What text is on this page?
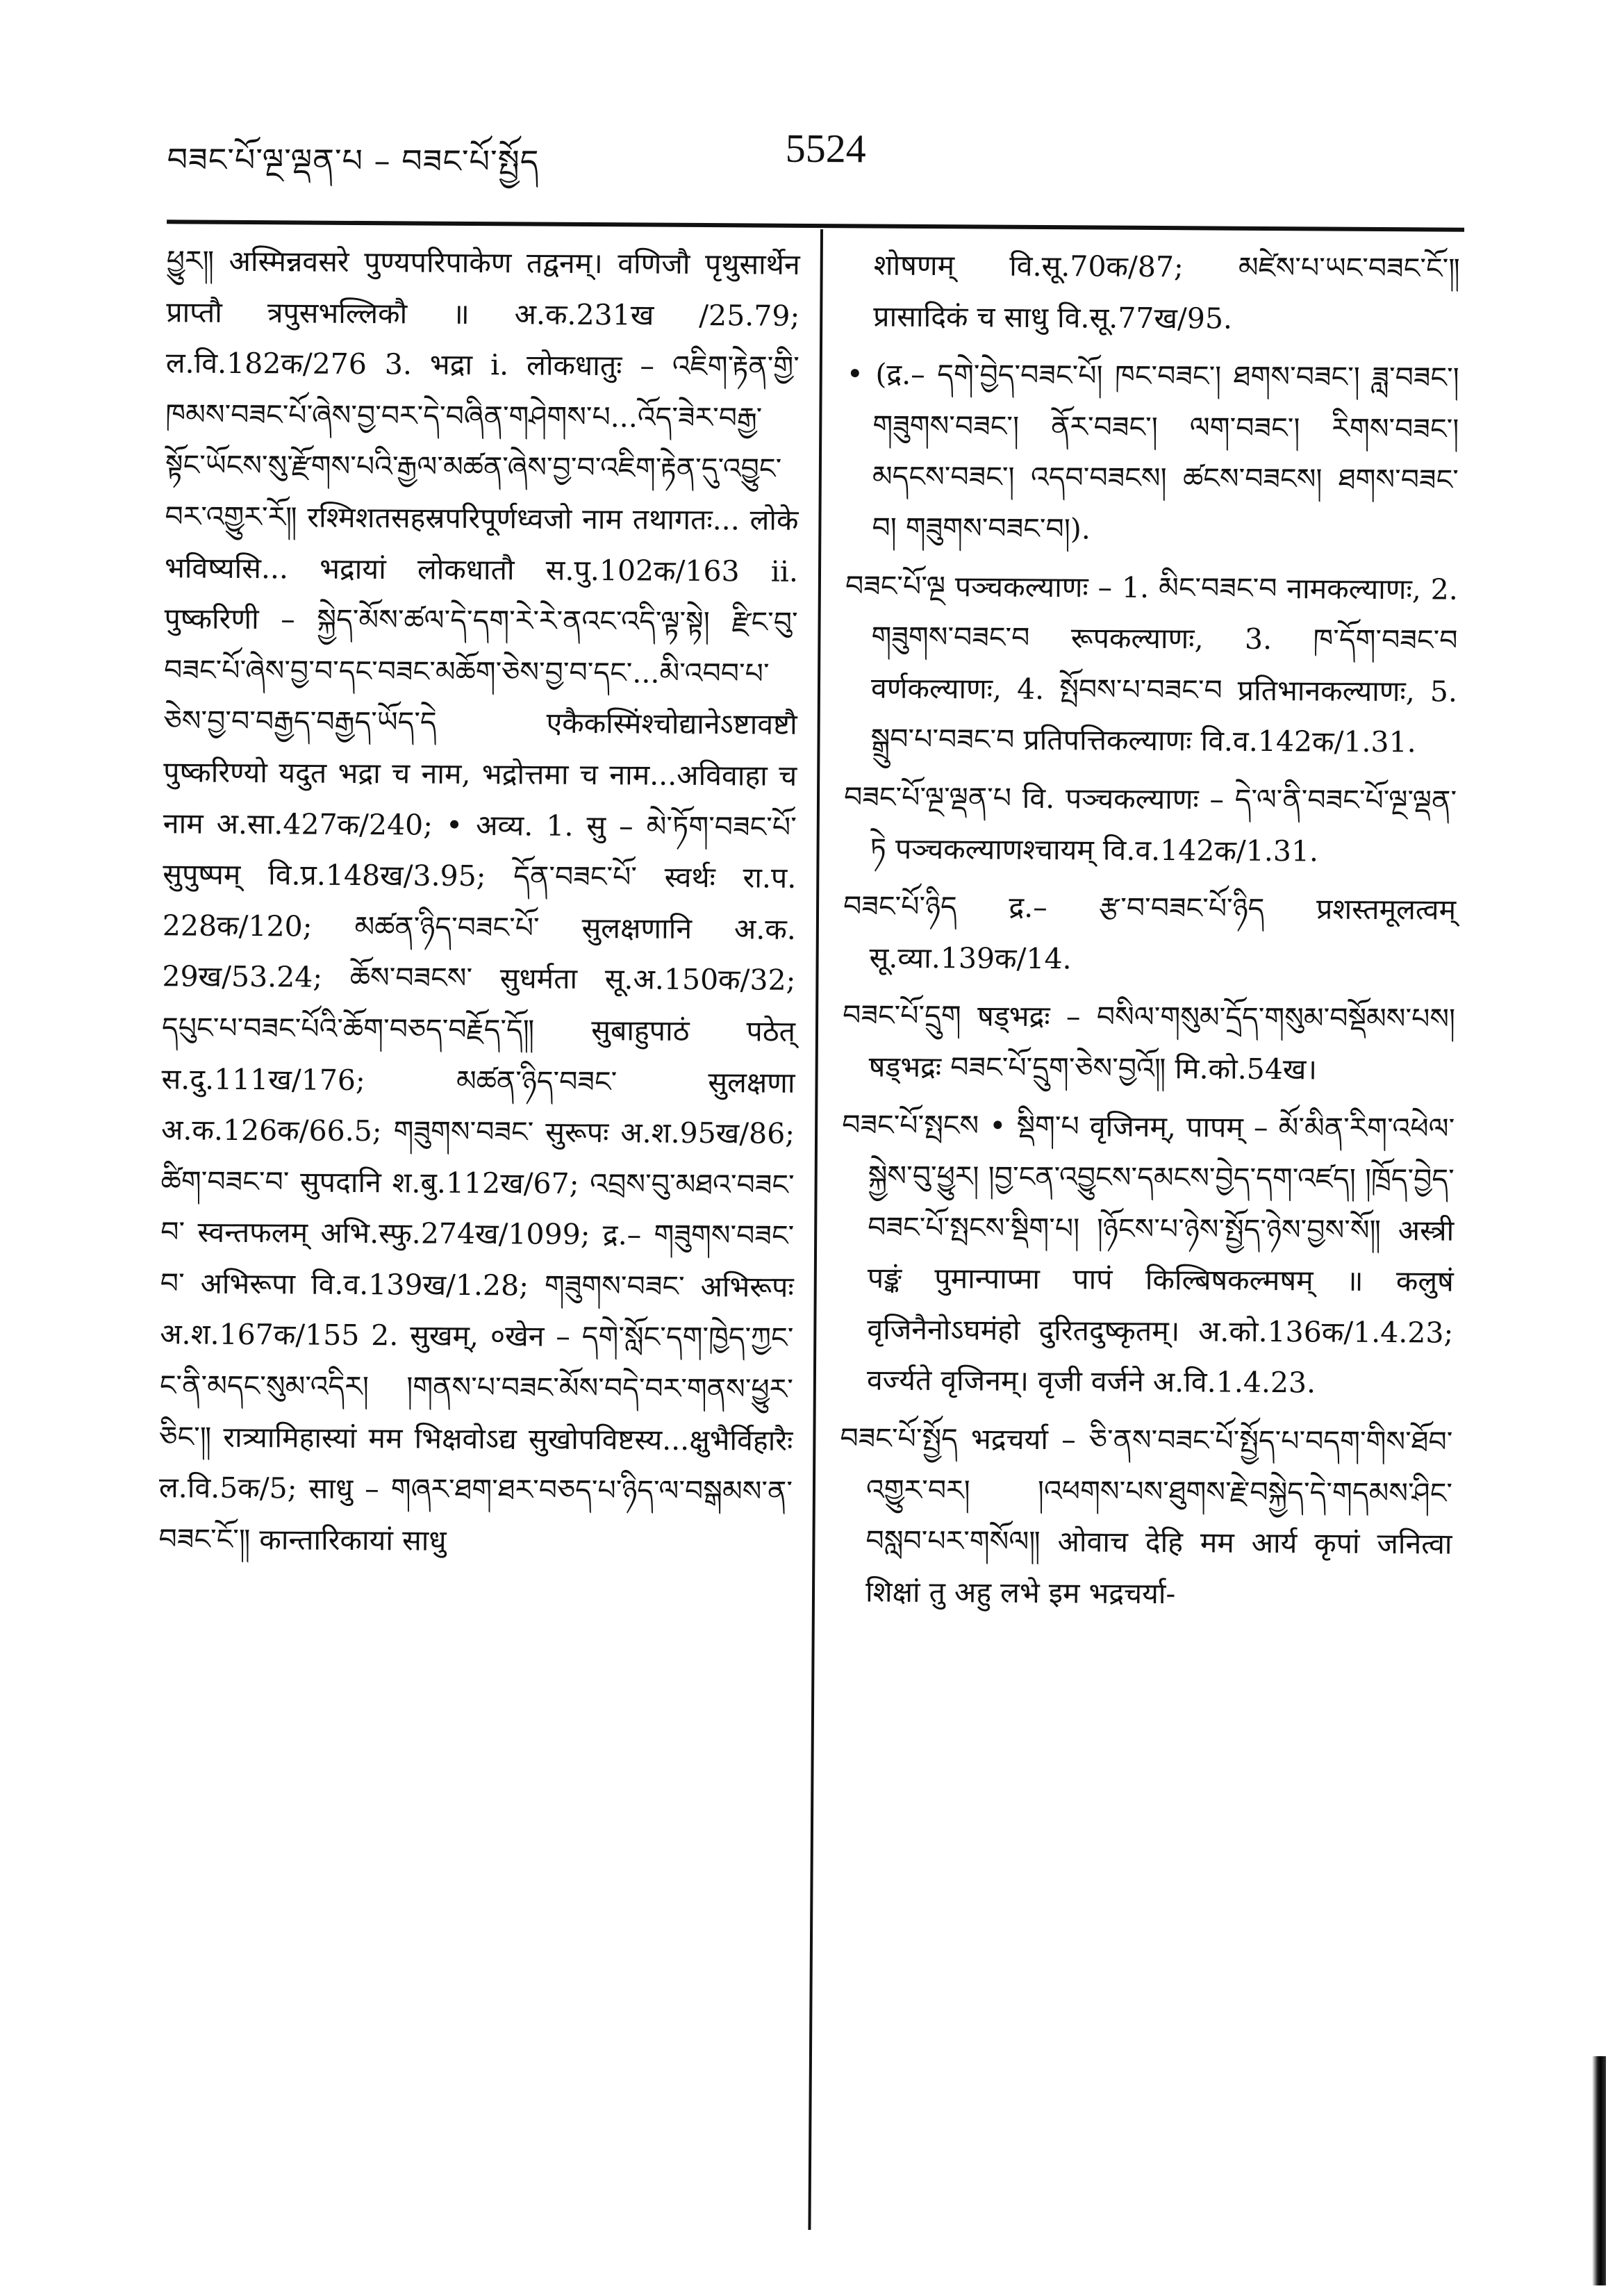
བཟང་པོ་ལྔ་ལྡན་པ – བཟང་པོ་སྤྱོད	5524

ཕྱུར༎ अस्मिन्नवसरे पुण्यपरिपाकेण तद्वनम्। वणिजौ पृथुसार्थेन प्राप्तौ त्रपुसभल्लिकौ ॥ अ.क.231ख /25.79; ल.वि.182क/276 3. भद्रा i. लोकधातुः – འཇིག་རྟེན་གྱི་ཁམས་བཟང་པོ་ཞེས་བྱ་བར་དེ་བཞིན་གཤེགས་པ...འོད་ཟེར་བརྒྱ་སྟོང་ཡོངས་སུ་རྫོགས་པའི་རྒྱལ་མཚན་ཞེས་བྱ་བ་འཇིག་རྟེན་དུ་འབྱུང་བར་འགྱུར་རོ༎ रश्मिशतसहस्रपरिपूर्णध्वजो नाम तथागतः... लोके भविष्यसि... भद्रायां लोकधातौ स.पु.102क/163 ii. पुष्करिणी – སྐྱེད་མོས་ཚལ་དེ་དག་རེ་རེ་ནའང་འདི་ལྟ་སྟེ། རྫིང་བུ་བཟང་པོ་ཞེས་བྱ་བ་དང་བཟང་མཆོག་ཅེས་བྱ་བ་དང་...མི་འབབ་པ་ཅེས་བྱ་བ་བརྒྱད་བརྒྱད་ཡོད་དེ एकैकस्मिंश्चोद्यानेऽष्टावष्टौ पुष्करिण्यो यदुत भद्रा च नाम, भद्रोत्तमा च नाम...अविवाहा च नाम अ.सा.427क/240; • अव्य. 1. सु – མེ་ཏོག་བཟང་པོ་ सुपुष्पम् वि.प्र.148ख/3.95; དོན་བཟང་པོ་ स्वर्थः रा.प. 228क/120; མཚན་ཉིད་བཟང་པོ་ सुलक्षणानि अ.क. 29ख/53.24; ཆོས་བཟངས་ सुधर्मता सू.अ.150क/32; དཔུང་པ་བཟང་པོའི་ཆོག་བཅད་བརྗོད་དོ༎ सुबाहुपाठं पठेत् स.दु.111ख/176; མཚན་ཉིད་བཟང་ सुलक्षणा अ.क.126क/66.5; གཟུགས་བཟང་ सुरूपः अ.श.95ख/86; ཚིག་བཟང་བ་ सुपदानि श.बु.112ख/67; འབྲས་བུ་མཐའ་བཟང་བ་ स्वन्तफलम् अभि.स्फु.274ख/1099; द्र.– གཟུགས་བཟང་བ་ अभिरूपा वि.व.139ख/1.28; གཟུགས་བཟང་ अभिरूपः अ.श.167क/155 2. सुखम्, ०खेन – དགེ་སློང་དག་ཁྱེད་ཀྱང་ང་ནི་མདང་སུམ་འདིར། །གནས་པ་བཟང་མོས་བདེ་བར་གནས་ཕྱུར་ཅིང་༎ रात्र्यामिहास्यां मम भिक्षवोऽद्य सुखोपविष्टस्य...क्षुभैर्विहारैः ल.वि.5क/5; साधु – གཞར་ཐག་ཐར་བཅད་པ་ཉིད་ལ་བསྒམས་ན་བཟང་ངོ་༎ कान्तारिकायां साधु

शोषणम् वि.सू.70क/87; མཛེས་པ་ཡང་བཟང་ངོ་༎ प्रासादिकं च साधु वि.सू.77ख/95.

• (द्र.– དགེ་བྱེད་བཟང་པོ། ཁང་བཟང་། ཐགས་བཟང་། ཟླ་བཟང་། གཟུགས་བཟང་། ནོར་བཟང་། ལག་བཟང་། རིགས་བཟང་། མདངས་བཟང་། འདབ་བཟངས། ཚངས་བཟངས། ཐགས་བཟང་བ། གཟུགས་བཟང་བ།).

བཟང་པོ་ལྔ पञ्चकल्याणः – 1. མིང་བཟང་བ नामकल्याणः, 2. གཟུགས་བཟང་བ रूपकल्याणः, 3. ཁ་དོག་བཟང་བ वर्णकल्याणः, 4. སྤོབས་པ་བཟང་བ प्रतिभानकल्याणः, 5. སྒྲུབ་པ་བཟང་བ प्रतिपत्तिकल्याणः वि.व.142क/1.31.

བཟང་པོ་ལྔ་ལྡན་པ वि. पञ्चकल्याणः – དེ་ལ་ནི་བཟང་པོ་ལྔ་ལྡན་ཏེ पञ्चकल्याणश्चायम् वि.व.142क/1.31.

བཟང་པོ་ཉིད द्र.– རྩ་བ་བཟང་པོ་ཉིད प्रशस्तमूलत्वम् सू.व्या.139क/14.

བཟང་པོ་དྲུག षड्भद्रः – བསིལ་གསུམ་དྲོད་གསུམ་བསྡོམས་པས། षड्भद्रः བཟང་པོ་དྲུག་ཅེས་བྱའོ༎ मि.को.54ख।

བཟང་པོ་སྤངས • སྡིག་པ वृजिनम्, पापम् – མོ་མིན་རིག་འཕེལ་སྐྱེས་བུ་ཕྱུར། །བྱ་ངན་འབྱུངས་དམངས་བྱེད་དག་འཛད། །ཁྲོད་བྱེད་བཟང་པོ་སྤངས་སྡིག་པ། །ཉོངས་པ་ཉེས་སྤྱོད་ཉེས་བྱས་སོ༎ अस्त्री पङ्कं पुमान्पाप्मा पापं किल्बिषकल्मषम् ॥ कलुषं वृजिनैनोऽघमंहो दुरितदुष्कृतम्। अ.को.136क/1.4.23; वर्ज्यते वृजिनम्। वृजी वर्जने अ.वि.1.4.23.

བཟང་པོ་སྤྱོད भद्रचर्या – ཅི་ནས་བཟང་པོ་སྤྱོད་པ་བདག་གིས་ཐོབ་འགྱུར་བར། །འཕགས་པས་ཐུགས་རྗེ་བསྐྱེད་དེ་གདམས་ཤིང་བསླབ་པར་གསོལ༎ ओवाच देहि मम आर्य कृपां जनित्वा शिक्षां तु अहु लभे इम भद्रचर्या-
